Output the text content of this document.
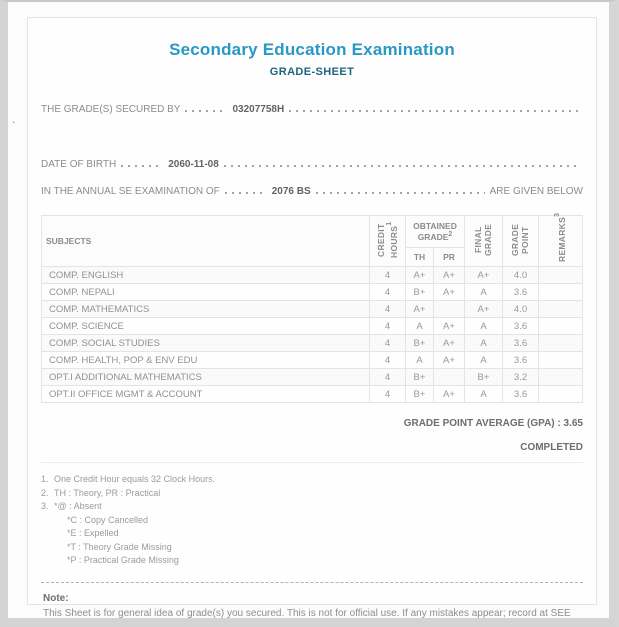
.
Secondary Education Examination
GRADE-SHEET
THE GRADE(S) SECURED BY	03207758H
DATE OF BIRTH	2060-11-08
IN THE ANNUAL SE EXAMINATION OF	2076 BS	ARE GIVEN BELOW
SUBJECTS	CREDIT HOURS$^1$	OBTAINED GRADE$^2$		FINAL GRADE	GRADE POINT	REMARKS$^3$
		TH	PR			
COMP. ENGLISH	4	A+	A+	A+	4.0	
COMP. NEPALI	4	B+	A+	A	3.6	
COMP. MATHEMATICS	4	A+		A+	4.0	
COMP. SCIENCE	4	A	A+	A	3.6	
COMP. SOCIAL STUDIES	4	B+	A+	A	3.6	
COMP. HEALTH, POP & ENV EDU	4	A	A+	A	3.6	
OPT.I ADDITIONAL MATHEMATICS	4	B+		B+	3.2	
OPT.II OFFICE MGMT & ACCOUNT	4	B+	A+	A	3.6	
GRADE POINT AVERAGE (GPA) : 3.65
COMPLETED
1. One Credit Hour equals 32 Clock Hours.
2. TH : Theory, PR : Practical
3. *@ : Absent
*C : Copy Cancelled
*E : Expelled
*T : Theory Grade Missing
*P : Practical Grade Missing
Note:
This Sheet is for general idea of grade(s) you secured. This is not for official use. If any mistakes appear; record at SEE Board ledger will be referred.
